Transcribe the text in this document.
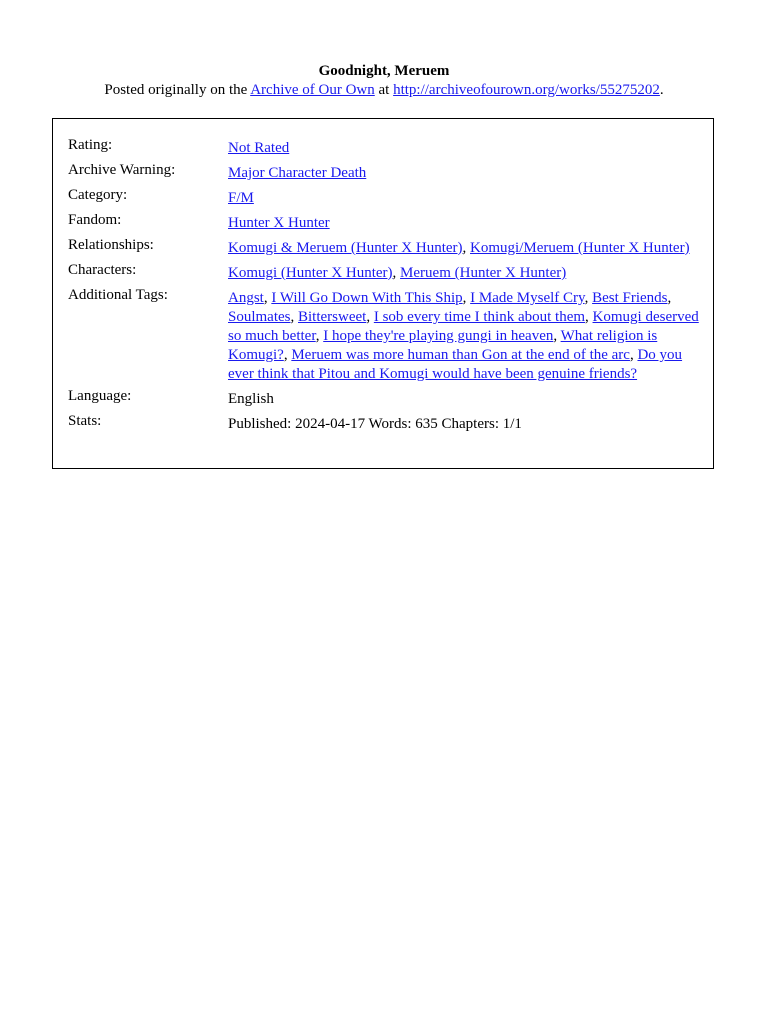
Goodnight, Meruem
Posted originally on the Archive of Our Own at http://archiveofourown.org/works/55275202.
Rating:	Not Rated
Archive Warning:	Major Character Death
Category:	F/M
Fandom:	Hunter X Hunter
Relationships:	Komugi & Meruem (Hunter X Hunter), Komugi/Meruem (Hunter X Hunter)
Characters:	Komugi (Hunter X Hunter), Meruem (Hunter X Hunter)
Additional Tags:	Angst, I Will Go Down With This Ship, I Made Myself Cry, Best Friends, Soulmates, Bittersweet, I sob every time I think about them, Komugi deserved so much better, I hope they're playing gungi in heaven, What religion is Komugi?, Meruem was more human than Gon at the end of the arc, Do you ever think that Pitou and Komugi would have been genuine friends?
Language:	English
Stats:	Published: 2024-04-17 Words: 635 Chapters: 1/1
